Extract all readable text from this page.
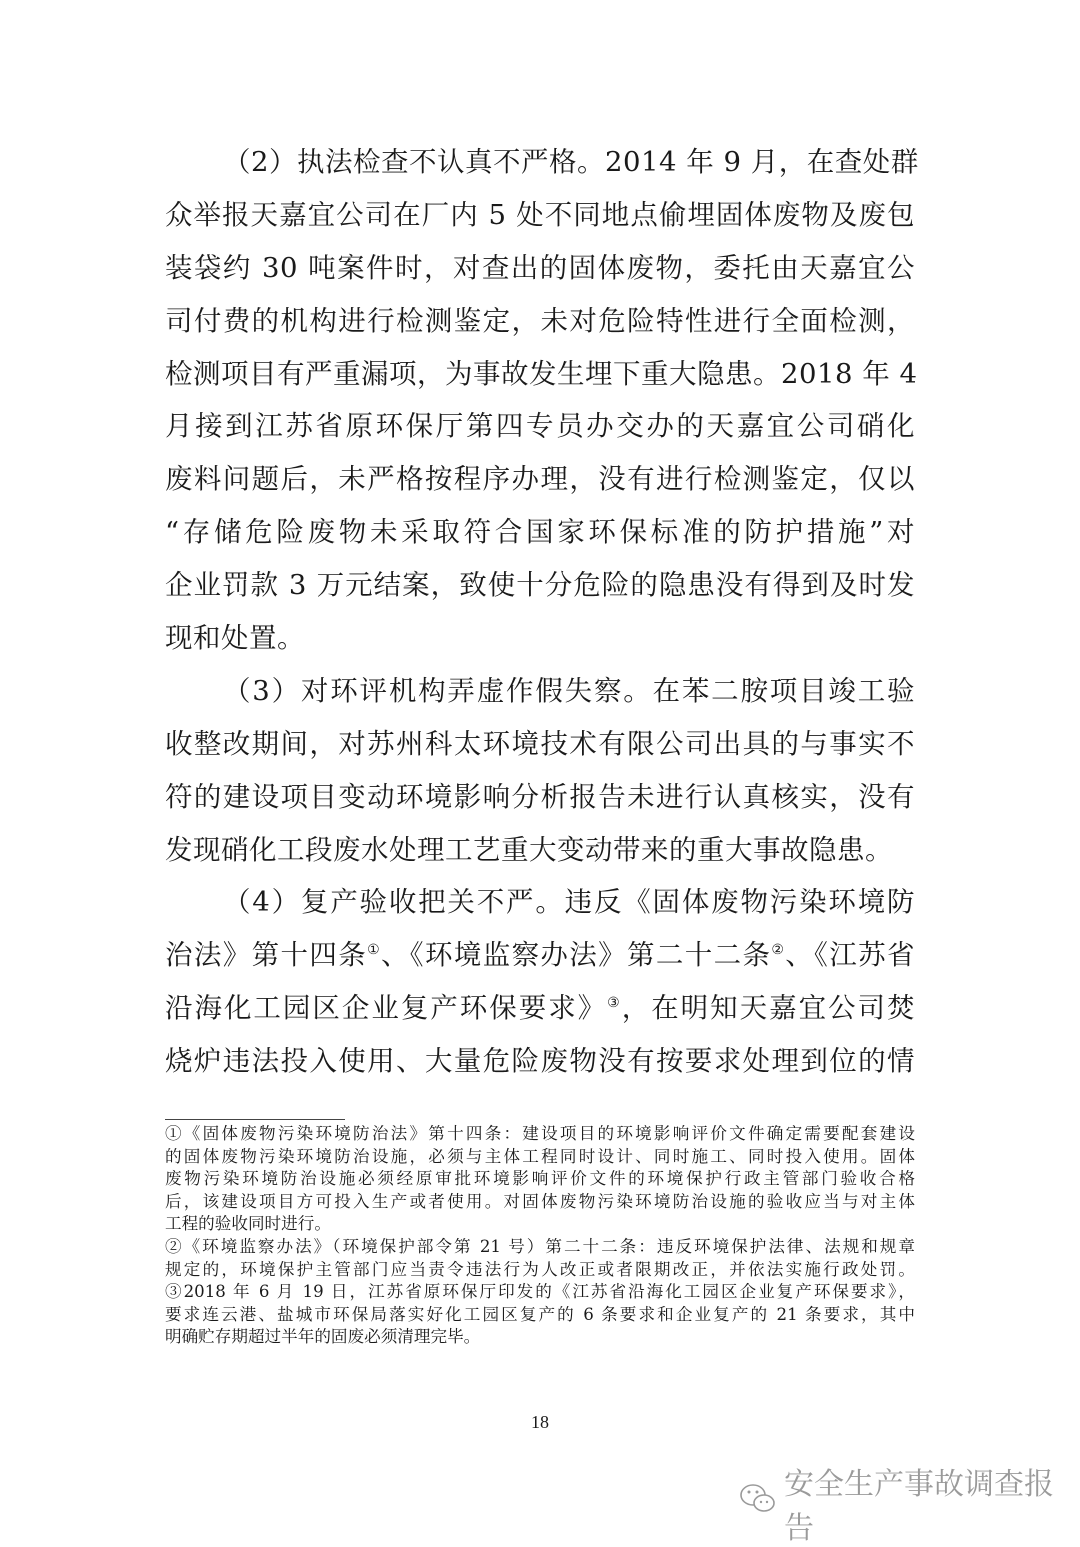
（2）执法检查不认真不严格。2014 年 9 月，在查处群
众举报天嘉宜公司在厂内 5 处不同地点偷埋固体废物及废包
装袋约 30 吨案件时，对查出的固体废物，委托由天嘉宜公
司付费的机构进行检测鉴定，未对危险特性进行全面检测，
检测项目有严重漏项，为事故发生埋下重大隐患。2018 年 4
月接到江苏省原环保厅第四专员办交办的天嘉宜公司硝化
废料问题后，未严格按程序办理，没有进行检测鉴定，仅以
“存储危险废物未采取符合国家环保标准的防护措施”对
企业罚款 3 万元结案，致使十分危险的隐患没有得到及时发
现和处置。
（3）对环评机构弄虚作假失察。在苯二胺项目竣工验
收整改期间，对苏州科太环境技术有限公司出具的与事实不
符的建设项目变动环境影响分析报告未进行认真核实，没有
发现硝化工段废水处理工艺重大变动带来的重大事故隐患。
（4）复产验收把关不严。违反《固体废物污染环境防
治法》第十四条①、《环境监察办法》第二十二条②、《江苏省
沿海化工园区企业复产环保要求》③，在明知天嘉宜公司焚
烧炉违法投入使用、大量危险废物没有按要求处理到位的情
①《固体废物污染环境防治法》第十四条：建设项目的环境影响评价文件确定需要配套建设
的固体废物污染环境防治设施，必须与主体工程同时设计、同时施工、同时投入使用。固体
废物污染环境防治设施必须经原审批环境影响评价文件的环境保护行政主管部门验收合格
后，该建设项目方可投入生产或者使用。对固体废物污染环境防治设施的验收应当与对主体
工程的验收同时进行。
②《环境监察办法》（环境保护部令第 21 号）第二十二条：违反环境保护法律、法规和规章
规定的，环境保护主管部门应当责令违法行为人改正或者限期改正，并依法实施行政处罚。
③2018 年 6 月 19 日，江苏省原环保厅印发的《江苏省沿海化工园区企业复产环保要求》，
要求连云港、盐城市环保局落实好化工园区复产的 6 条要求和企业复产的 21 条要求，其中
明确贮存期超过半年的固废必须清理完毕。
18
安全生产事故调查报告
